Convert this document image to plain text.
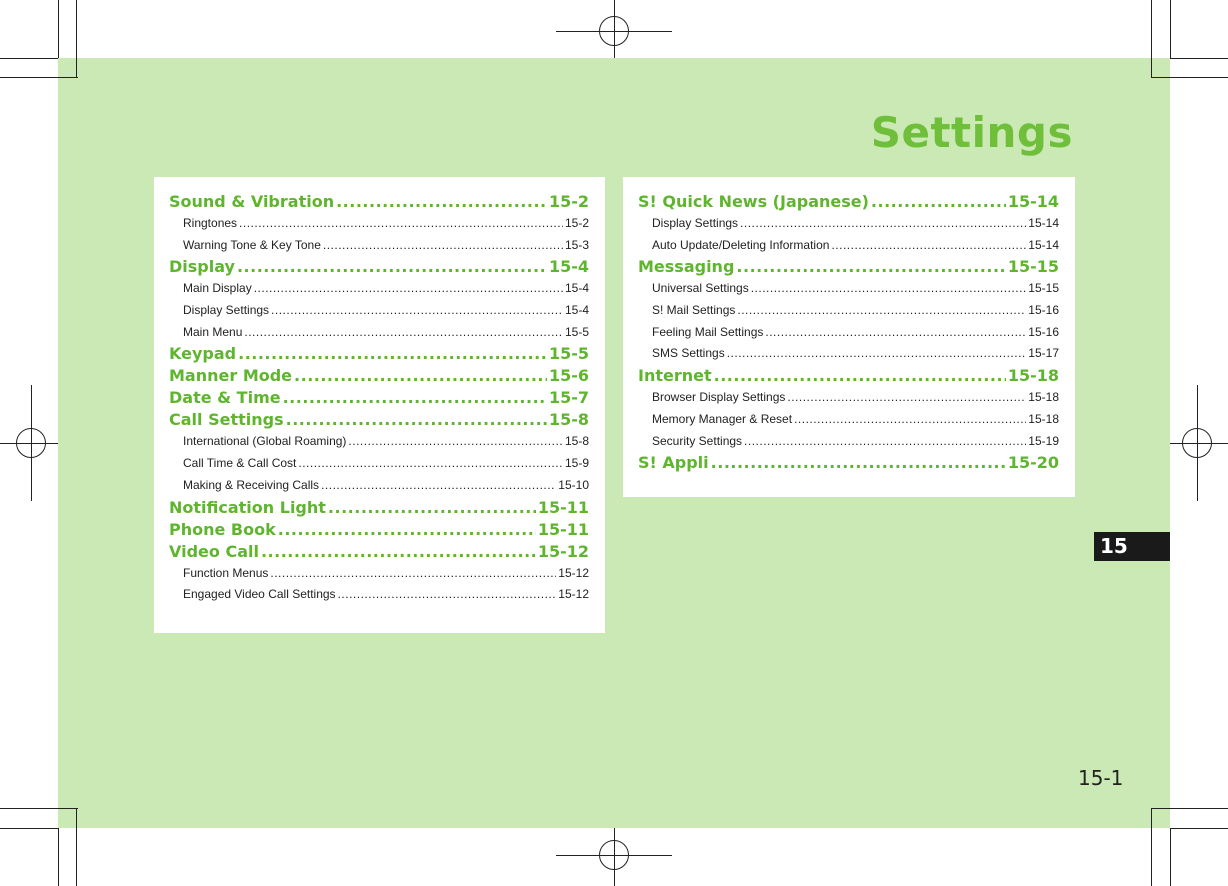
Settings
Sound & Vibration .....	15-2
Ringtones .....	15-2
Warning Tone & Key Tone .....	15-3
Display .....	15-4
Main Display .....	15-4
Display Settings .....	15-4
Main Menu .....	15-5
Keypad .....	15-5
Manner Mode .....	15-6
Date & Time .....	15-7
Call Settings .....	15-8
International (Global Roaming) .....	15-8
Call Time & Call Cost .....	15-9
Making & Receiving Calls .....	15-10
Notification Light .....	15-11
Phone Book .....	15-11
Video Call .....	15-12
Function Menus .....	15-12
Engaged Video Call Settings .....	15-12
S! Quick News (Japanese) .....	15-14
Display Settings .....	15-14
Auto Update/Deleting Information .....	15-14
Messaging .....	15-15
Universal Settings .....	15-15
S! Mail Settings .....	15-16
Feeling Mail Settings .....	15-16
SMS Settings .....	15-17
Internet .....	15-18
Browser Display Settings .....	15-18
Memory Manager & Reset .....	15-18
Security Settings .....	15-19
S! Appli .....	15-20
15
15-1
